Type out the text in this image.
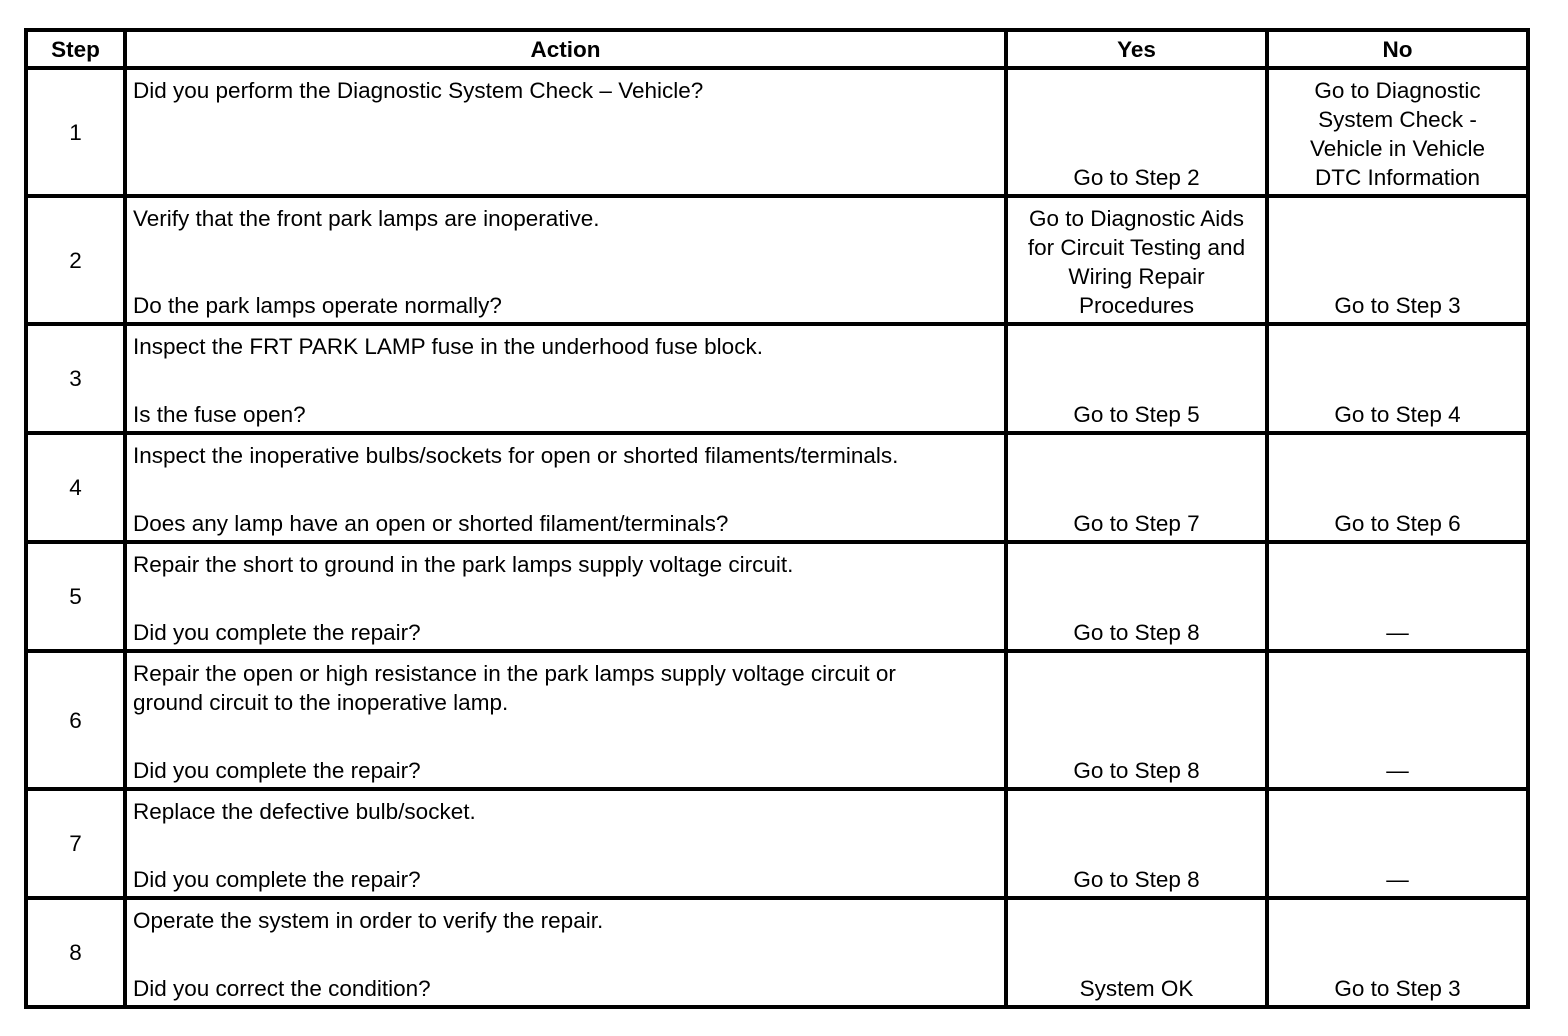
Step	Action	Yes	No
1	Did you perform the Diagnostic System Check – Vehicle?	Go to Step 2	Go to Diagnostic
System Check -
Vehicle in Vehicle
DTC Information

2	Verify that the front park lamps are inoperative.
Do the park lamps operate normally?	Go to Diagnostic Aids
for Circuit Testing and
Wiring Repair
Procedures	Go to Step 3

3	Inspect the FRT PARK LAMP fuse in the underhood fuse block.
Is the fuse open?	Go to Step 5	Go to Step 4

4	Inspect the inoperative bulbs/sockets for open or shorted filaments/terminals.
Does any lamp have an open or shorted filament/terminals?	Go to Step 7	Go to Step 6

5	Repair the short to ground in the park lamps supply voltage circuit.
Did you complete the repair?	Go to Step 8	—

6	Repair the open or high resistance in the park lamps supply voltage circuit or
ground circuit to the inoperative lamp.
Did you complete the repair?	Go to Step 8	—

7	Replace the defective bulb/socket.
Did you complete the repair?	Go to Step 8	—

8	Operate the system in order to verify the repair.
Did you correct the condition?	System OK	Go to Step 3
